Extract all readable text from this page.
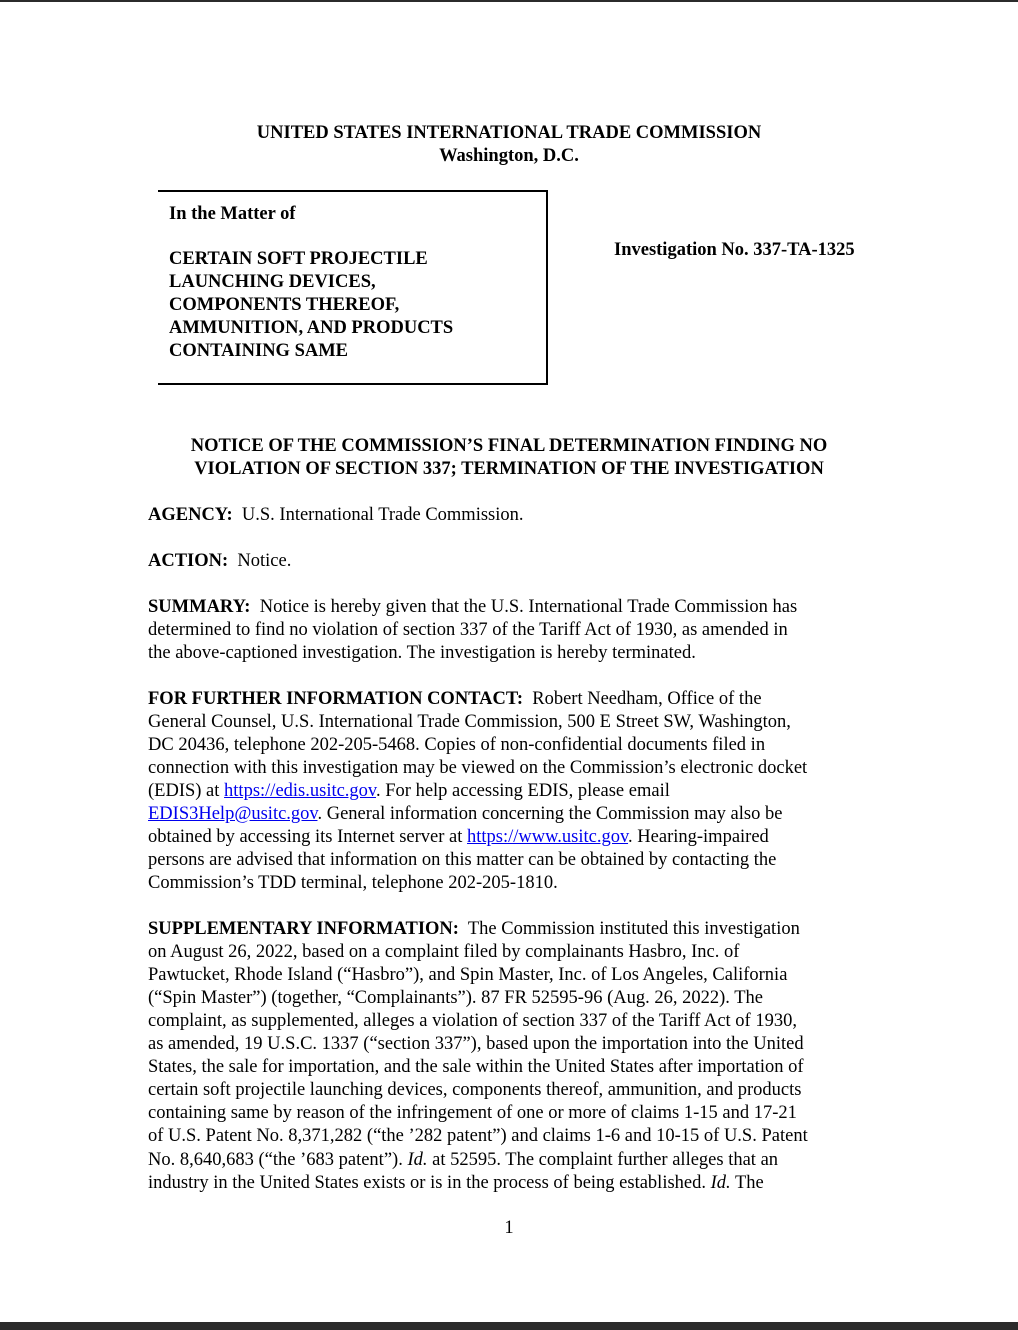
UNITED STATES INTERNATIONAL TRADE COMMISSION
Washington, D.C.
In the Matter of
CERTAIN SOFT PROJECTILE
LAUNCHING DEVICES,
COMPONENTS THEREOF,
AMMUNITION, AND PRODUCTS
CONTAINING SAME
Investigation No. 337-TA-1325
NOTICE OF THE COMMISSION’S FINAL DETERMINATION FINDING NO
VIOLATION OF SECTION 337; TERMINATION OF THE INVESTIGATION
AGENCY: U.S. International Trade Commission.
ACTION: Notice.
SUMMARY: Notice is hereby given that the U.S. International Trade Commission has
determined to find no violation of section 337 of the Tariff Act of 1930, as amended in
the above-captioned investigation. The investigation is hereby terminated.
FOR FURTHER INFORMATION CONTACT: Robert Needham, Office of the
General Counsel, U.S. International Trade Commission, 500 E Street SW, Washington,
DC 20436, telephone 202-205-5468. Copies of non-confidential documents filed in
connection with this investigation may be viewed on the Commission’s electronic docket
(EDIS) at https://edis.usitc.gov. For help accessing EDIS, please email
EDIS3Help@usitc.gov. General information concerning the Commission may also be
obtained by accessing its Internet server at https://www.usitc.gov. Hearing-impaired
persons are advised that information on this matter can be obtained by contacting the
Commission’s TDD terminal, telephone 202-205-1810.
SUPPLEMENTARY INFORMATION: The Commission instituted this investigation
on August 26, 2022, based on a complaint filed by complainants Hasbro, Inc. of
Pawtucket, Rhode Island (“Hasbro”), and Spin Master, Inc. of Los Angeles, California
(“Spin Master”) (together, “Complainants”). 87 FR 52595-96 (Aug. 26, 2022). The
complaint, as supplemented, alleges a violation of section 337 of the Tariff Act of 1930,
as amended, 19 U.S.C. 1337 (“section 337”), based upon the importation into the United
States, the sale for importation, and the sale within the United States after importation of
certain soft projectile launching devices, components thereof, ammunition, and products
containing same by reason of the infringement of one or more of claims 1-15 and 17-21
of U.S. Patent No. 8,371,282 (“the ’282 patent”) and claims 1-6 and 10-15 of U.S. Patent
No. 8,640,683 (“the ’683 patent”). Id. at 52595. The complaint further alleges that an
industry in the United States exists or is in the process of being established. Id. The
1
